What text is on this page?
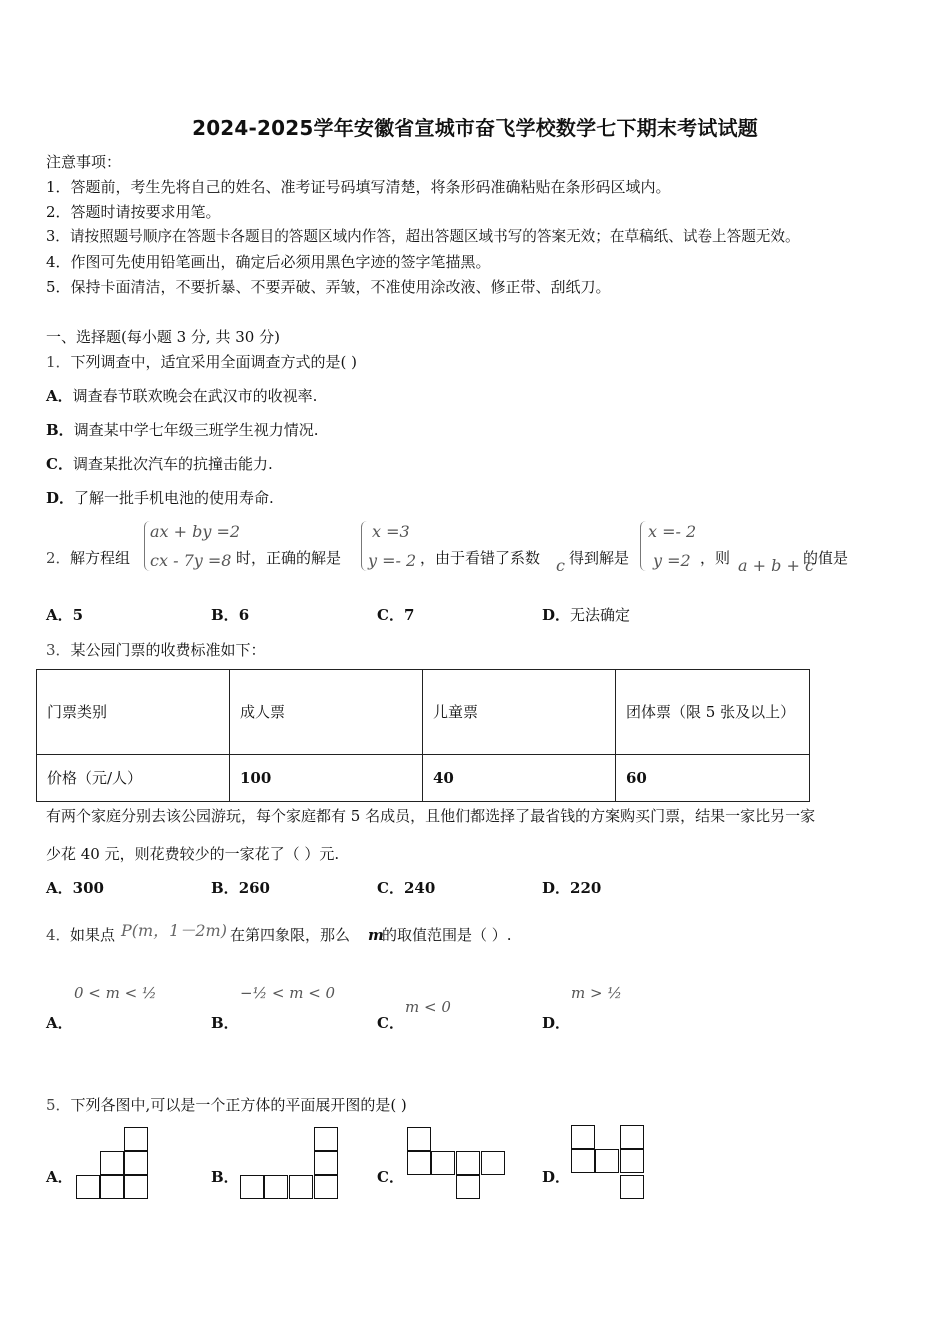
2024-2025学年安徽省宣城市奋飞学校数学七下期末考试试题
注意事项：
1．答题前，考生先将自己的姓名、准考证号码填写清楚，将条形码准确粘贴在条形码区域内。
2．答题时请按要求用笔。
3．请按照题号顺序在答题卡各题目的答题区域内作答，超出答题区域书写的答案无效；在草稿纸、试卷上答题无效。
4．作图可先使用铅笔画出，确定后必须用黑色字迹的签字笔描黑。
5．保持卡面清洁，不要折暴、不要弄破、弄皱，不准使用涂改液、修正带、刮纸刀。
一、选择题(每小题 3 分, 共 30 分)
1．下列调查中，适宜采用全面调查方式的是( )
A．调查春节联欢晚会在武汉市的收视率.
B．调查某中学七年级三班学生视力情况.
C．调查某批次汽车的抗撞击能力.
D．了解一批手机电池的使用寿命.
2． 解方程组
ax + by =2
cx - 7y =8 时，正确的解是
x =3
y =- 2 ，由于看错了系数 c 得到解是
x =- 2
y =2 ，则 a + b + c
的值是
A．5	B．6	C．7	D．无法确定
3．某公园门票的收费标准如下：
门票类别	成人票	儿童票	团体票（限 5 张及以上）
价格（元/人）	100	40	60
有两个家庭分别去该公园游玩，每个家庭都有 5 名成员，且他们都选择了最省钱的方案购买门票，结果一家比另一家
少花 40 元，则花费较少的一家花了（ ）元.
A．300	B．260	C．240	D．220
4． 如果点 P(m，1－2m) 在第四象限，那么 m
的取值范围是（ ）.
A．
0 < m < ½
B．
−½ < m < 0
C．
m < 0
D．
m > ½
5．下列各图中,可以是一个正方体的平面展开图的是( )
A．	B．	C．	D．
